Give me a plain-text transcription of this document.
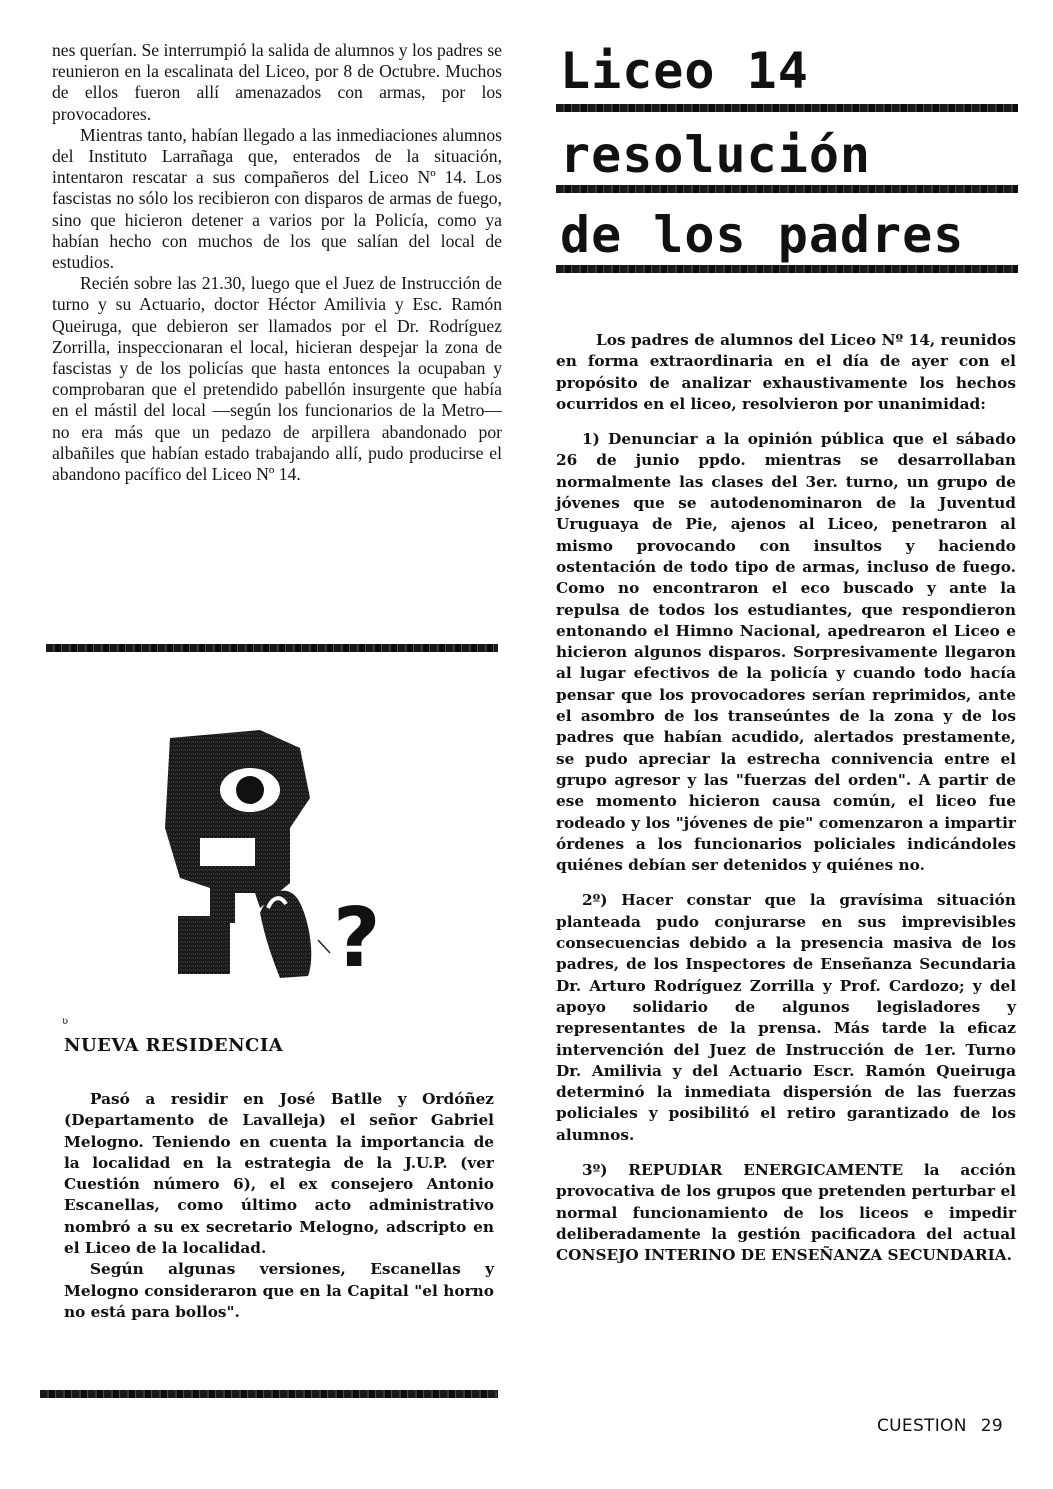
nes querían. Se interrumpió la salida de alumnos y los padres se reunieron en la escalinata del Liceo, por 8 de Octubre. Muchos de ellos fueron allí amenazados con armas, por los provocadores.

Mientras tanto, habían llegado a las inmediaciones alumnos del Instituto Larrañaga que, enterados de la situación, intentaron rescatar a sus compañeros del Liceo Nº 14. Los fascistas no sólo los recibieron con disparos de armas de fuego, sino que hicieron detener a varios por la Policía, como ya habían hecho con muchos de los que salían del local de estudios.

Recién sobre las 21.30, luego que el Juez de Instrucción de turno y su Actuario, doctor Héctor Amilivia y Esc. Ramón Queiruga, que debieron ser llamados por el Dr. Rodríguez Zorrilla, inspeccionaran el local, hicieran despejar la zona de fascistas y de los policías que hasta entonces la ocupaban y comprobaran que el pretendido pabellón insurgente que había en el mástil del local —según los funcionarios de la Metro— no era más que un pedazo de arpillera abandonado por albañiles que habían estado trabajando allí, pudo producirse el abandono pacífico del Liceo Nº 14.

?
ʋ
NUEVA RESIDENCIA

Pasó a residir en José Batlle y Ordóñez (Departamento de Lavalleja) el señor Gabriel Melogno. Teniendo en cuenta la importancia de la localidad en la estrategia de la J.U.P. (ver Cuestión número 6), el ex consejero Antonio Escanellas, como último acto administrativo nombró a su ex secretario Melogno, adscripto en el Liceo de la localidad.

Según algunas versiones, Escanellas y Melogno consideraron que en la Capital "el horno no está para bollos".

Liceo 14
resolución
de los padres

Los padres de alumnos del Liceo Nº 14, reunidos en forma extraordinaria en el día de ayer con el propósito de analizar exhaustivamente los hechos ocurridos en el liceo, resolvieron por unanimidad:

1) Denunciar a la opinión pública que el sábado 26 de junio ppdo. mientras se desarrollaban normalmente las clases del 3er. turno, un grupo de jóvenes que se autodenominaron de la Juventud Uruguaya de Pie, ajenos al Liceo, penetraron al mismo provocando con insultos y haciendo ostentación de todo tipo de armas, incluso de fuego. Como no encontraron el eco buscado y ante la repulsa de todos los estudiantes, que respondieron entonando el Himno Nacional, apedrearon el Liceo e hicieron algunos disparos. Sorpresivamente llegaron al lugar efectivos de la policía y cuando todo hacía pensar que los provocadores serían reprimidos, ante el asombro de los transeúntes de la zona y de los padres que habían acudido, alertados prestamente, se pudo apreciar la estrecha connivencia entre el grupo agresor y las "fuerzas del orden". A partir de ese momento hicieron causa común, el liceo fue rodeado y los "jóvenes de pie" comenzaron a impartir órdenes a los funcionarios policiales indicándoles quiénes debían ser detenidos y quiénes no.

2º) Hacer constar que la gravísima situación planteada pudo conjurarse en sus imprevisibles consecuencias debido a la presencia masiva de los padres, de los Inspectores de Enseñanza Secundaria Dr. Arturo Rodríguez Zorrilla y Prof. Cardozo; y del apoyo solidario de algunos legisladores y representantes de la prensa. Más tarde la eficaz intervención del Juez de Instrucción de 1er. Turno Dr. Amilivia y del Actuario Escr. Ramón Queiruga determinó la inmediata dispersión de las fuerzas policiales y posibilitó el retiro garantizado de los alumnos.

3º) REPUDIAR ENERGICAMENTE la acción provocativa de los grupos que pretenden perturbar el normal funcionamiento de los liceos e impedir deliberadamente la gestión pacificadora del actual CONSEJO INTERINO DE ENSEÑANZA SECUNDARIA.

CUESTION 29
